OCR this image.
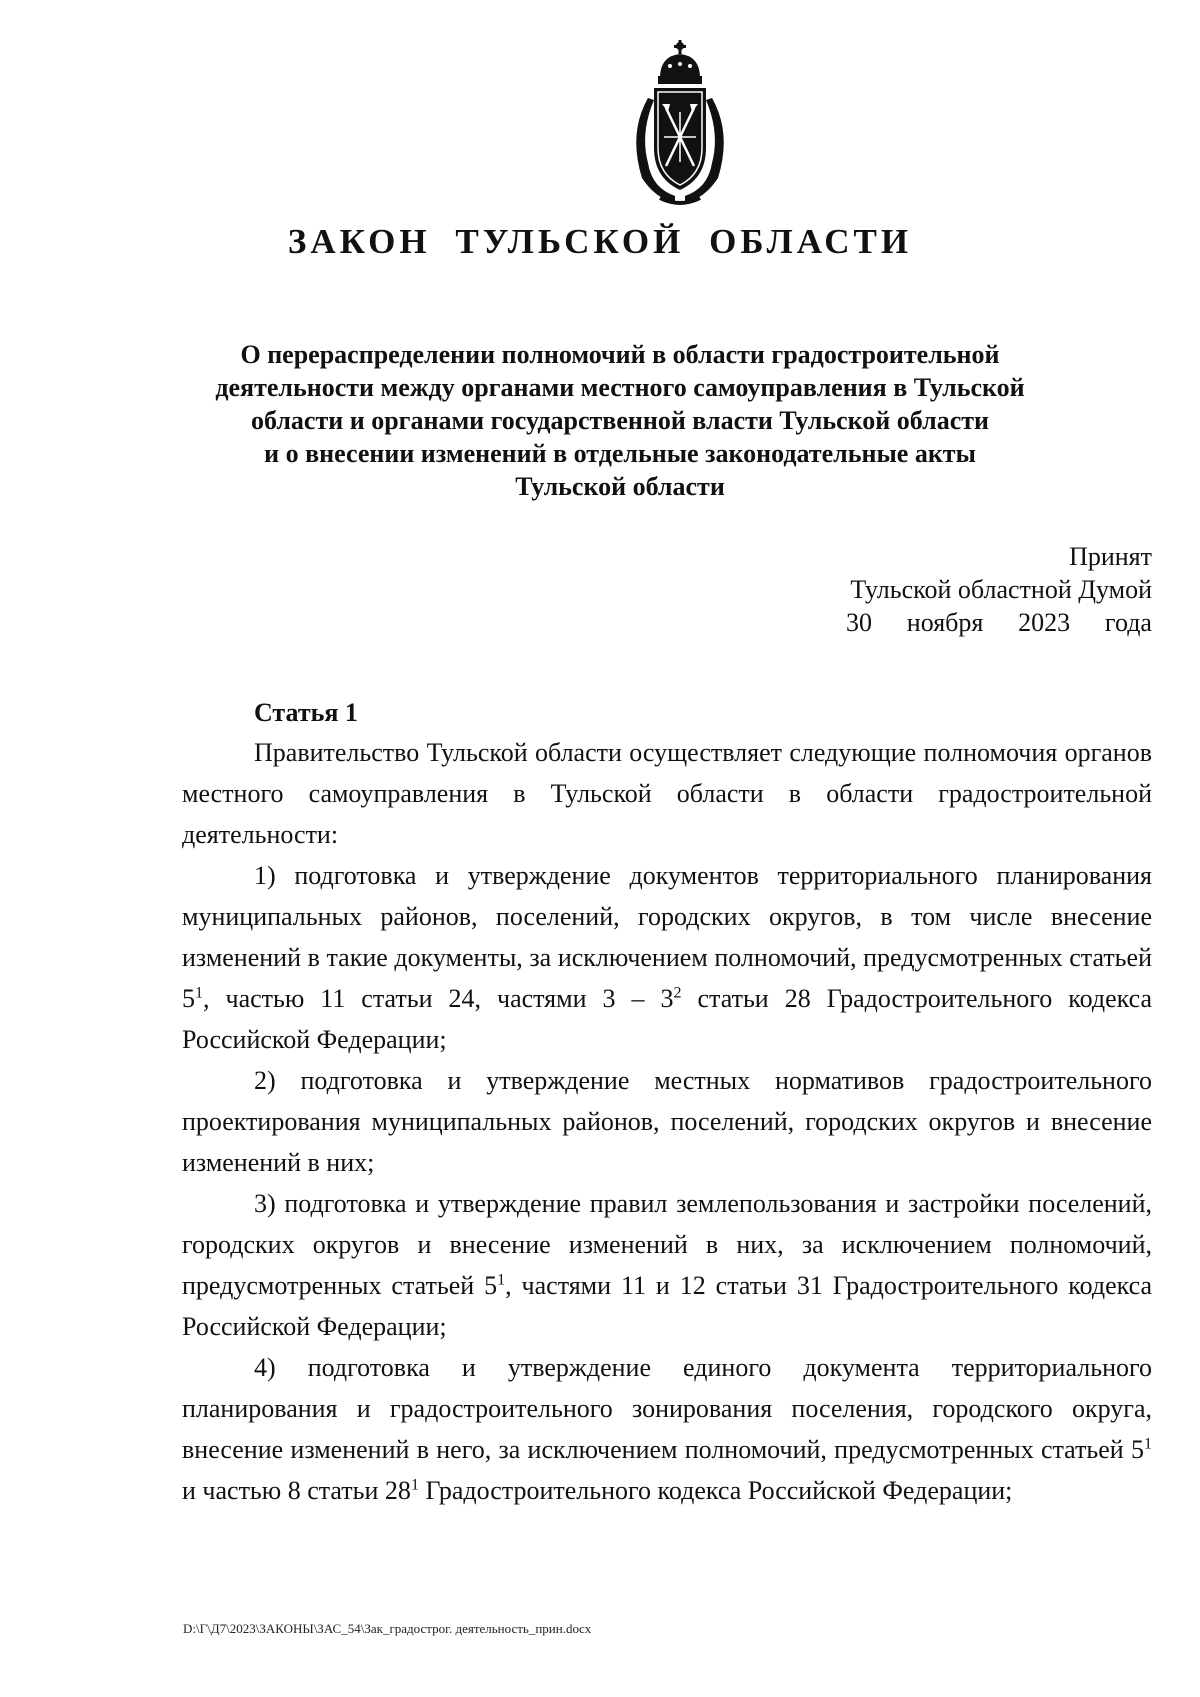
ЗАКОН ТУЛЬСКОЙ ОБЛАСТИ
О перераспределении полномочий в области градостроительной
деятельности между органами местного самоуправления в Тульской
области и органами государственной власти Тульской области
и о внесении изменений в отдельные законодательные акты
Тульской области
Принят
Тульской областной Думой
30 ноября 2023 года
Статья 1

Правительство Тульской области осуществляет следующие полномочия органов местного самоуправления в Тульской области в области градостроительной деятельности:

1) подготовка и утверждение документов территориального планирования муниципальных районов, поселений, городских округов, в том числе внесение изменений в такие документы, за исключением полномочий, предусмотренных статьей $5^1$, частью 11 статьи 24, частями $3 - 3^2$ статьи 28 Градостроительного кодекса Российской Федерации;

2) подготовка и утверждение местных нормативов градостроительного проектирования муниципальных районов, поселений, городских округов и внесение изменений в них;

3) подготовка и утверждение правил землепользования и застройки поселений, городских округов и внесение изменений в них, за исключением полномочий, предусмотренных статьей $5^1$, частями 11 и 12 статьи 31 Градостроительного кодекса Российской Федерации;

4) подготовка и утверждение единого документа территориального планирования и градостроительного зонирования поселения, городского округа, внесение изменений в него, за исключением полномочий, предусмотренных статьей $5^1$ и частью 8 статьи $28^1$ Градостроительного кодекса Российской Федерации;

D:\Г\Д7\2023\ЗАКОНЫ\ЗАС_54\Зак_градострог. деятельность_прин.docx
